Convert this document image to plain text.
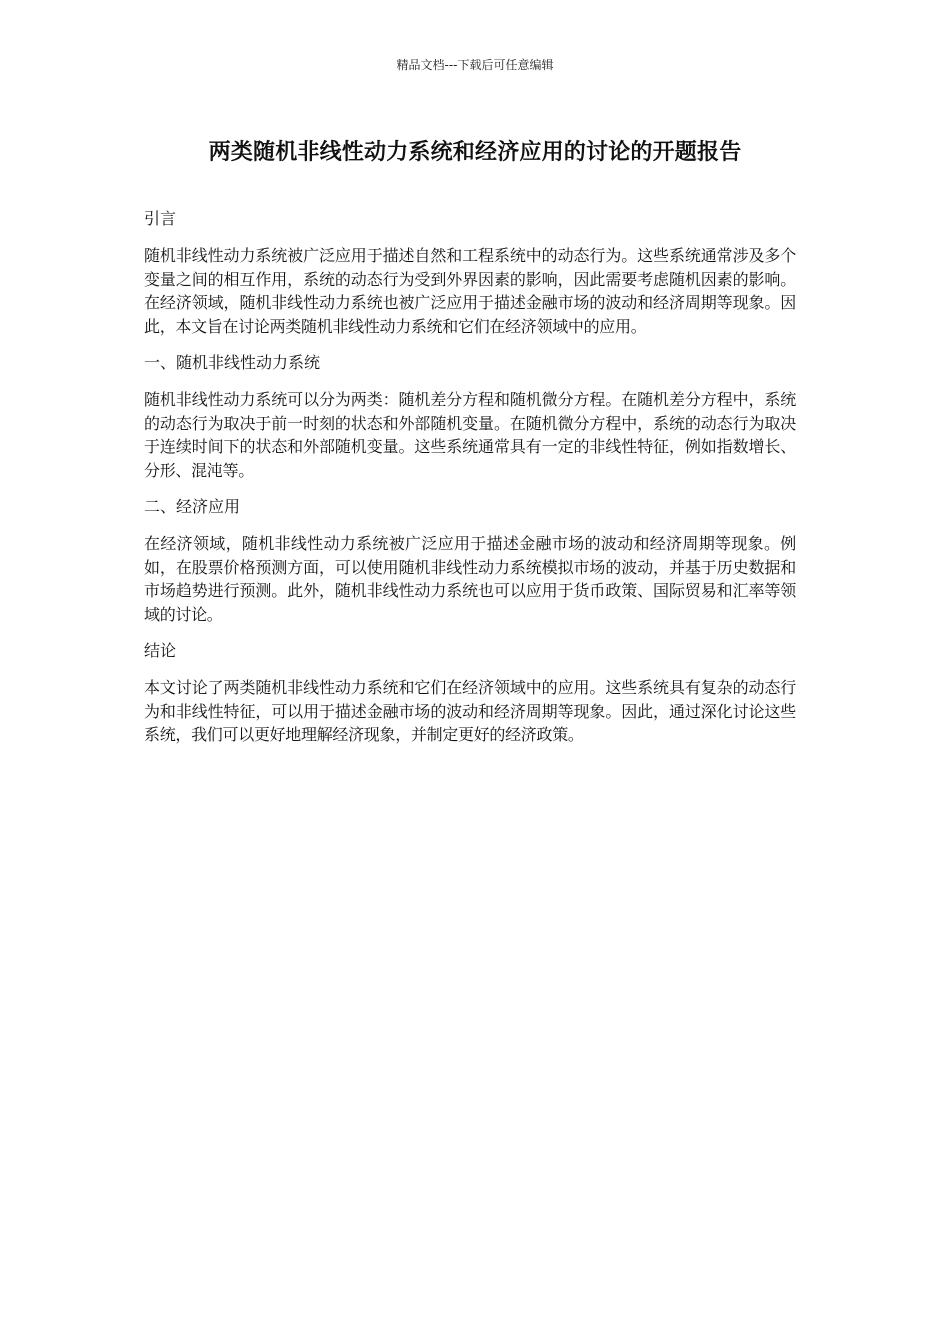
精品文档---下载后可任意编辑
两类随机非线性动力系统和经济应用的讨论的开题报告
引言

随机非线性动力系统被广泛应用于描述自然和工程系统中的动态行为。这些系统通常涉及多个变量之间的相互作用，系统的动态行为受到外界因素的影响，因此需要考虑随机因素的影响。在经济领域，随机非线性动力系统也被广泛应用于描述金融市场的波动和经济周期等现象。因此，本文旨在讨论两类随机非线性动力系统和它们在经济领域中的应用。

一、随机非线性动力系统

随机非线性动力系统可以分为两类：随机差分方程和随机微分方程。在随机差分方程中，系统的动态行为取决于前一时刻的状态和外部随机变量。在随机微分方程中，系统的动态行为取决于连续时间下的状态和外部随机变量。这些系统通常具有一定的非线性特征，例如指数增长、分形、混沌等。

二、经济应用

在经济领域，随机非线性动力系统被广泛应用于描述金融市场的波动和经济周期等现象。例如，在股票价格预测方面，可以使用随机非线性动力系统模拟市场的波动，并基于历史数据和市场趋势进行预测。此外，随机非线性动力系统也可以应用于货币政策、国际贸易和汇率等领域的讨论。

结论

本文讨论了两类随机非线性动力系统和它们在经济领域中的应用。这些系统具有复杂的动态行为和非线性特征，可以用于描述金融市场的波动和经济周期等现象。因此，通过深化讨论这些系统，我们可以更好地理解经济现象，并制定更好的经济政策。
